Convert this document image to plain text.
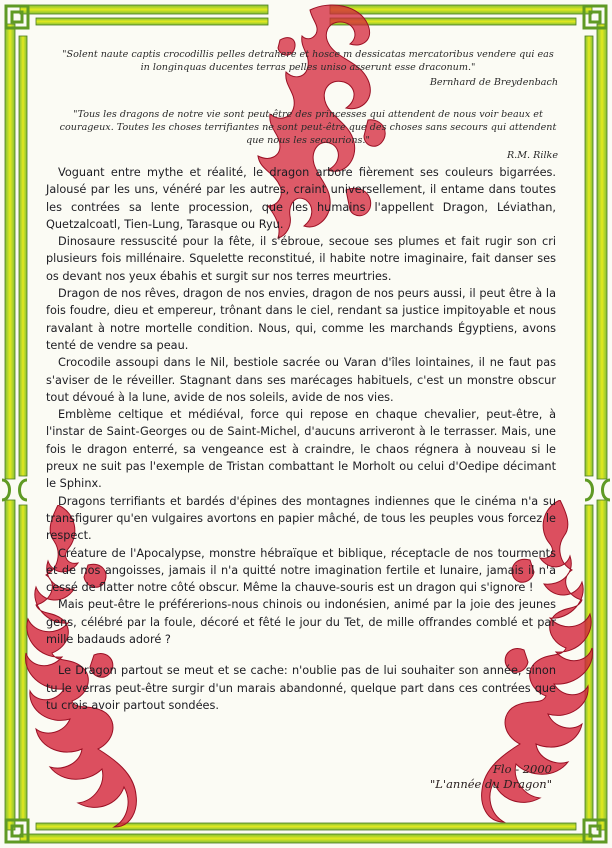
"Solent naute captis crocodillis pelles detrahere et hosce m dessicatas mercatoribus vendere qui eas in longinquas ducentes terras pelles uniso asserunt esse draconum."
Bernhard de Breydenbach
"Tous les dragons de notre vie sont peut-être des princesses qui attendent de nous voir beaux et courageux. Toutes les choses terrifiantes ne sont peut-être que des choses sans secours qui attendent que nous les secourions."
R.M. Rilke

Voguant entre mythe et réalité, le dragon arbore fièrement ses couleurs bigarrées. Jalousé par les uns, vénéré par les autres, craint universellement, il entame dans toutes les contrées sa lente procession, que les humains l'appellent Dragon, Léviathan, Quetzalcoatl, Tien-Lung, Tarasque ou Ryu.

Dinosaure ressuscité pour la fête, il s'ébroue, secoue ses plumes et fait rugir son cri plusieurs fois millénaire. Squelette reconstitué, il habite notre imaginaire, fait danser ses os devant nos yeux ébahis et surgit sur nos terres meurtries.

Dragon de nos rêves, dragon de nos envies, dragon de nos peurs aussi, il peut être à la fois foudre, dieu et empereur, trônant dans le ciel, rendant sa justice impitoyable et nous ravalant à notre mortelle condition. Nous, qui, comme les marchands Égyptiens, avons tenté de vendre sa peau.

Crocodile assoupi dans le Nil, bestiole sacrée ou Varan d'îles lointaines, il ne faut pas s'aviser de le réveiller. Stagnant dans ses marécages habituels, c'est un monstre obscur tout dévoué à la lune, avide de nos soleils, avide de nos vies.

Emblème celtique et médiéval, force qui repose en chaque chevalier, peut-être, à l'instar de Saint-Georges ou de Saint-Michel, d'aucuns arriveront à le terrasser. Mais, une fois le dragon enterré, sa vengeance est à craindre, le chaos régnera à nouveau si le preux ne suit pas l'exemple de Tristan combattant le Morholt ou celui d'Oedipe décimant le Sphinx.

Dragons terrifiants et bardés d'épines des montagnes indiennes que le cinéma n'a su transfigurer qu'en vulgaires avortons en papier mâché, de tous les peuples vous forcez le respect.

Créature de l'Apocalypse, monstre hébraïque et biblique, réceptacle de nos tourments et de nos angoisses, jamais il n'a quitté notre imagination fertile et lunaire, jamais il n'a cessé de flatter notre côté obscur. Même la chauve-souris est un dragon qui s'ignore !

Mais peut-être le préférerions-nous chinois ou indonésien, animé par la joie des jeunes gens, célébré par la foule, décoré et fêté le jour du Tet, de mille offrandes comblé et par mille badauds adoré ?

Le Dragon partout se meut et se cache: n'oublie pas de lui souhaiter son année, sinon tu le verras peut-être surgir d'un marais abandonné, quelque part dans ces contrées que tu crois avoir partout sondées.

Flo - 2000
"L'année du Dragon"
